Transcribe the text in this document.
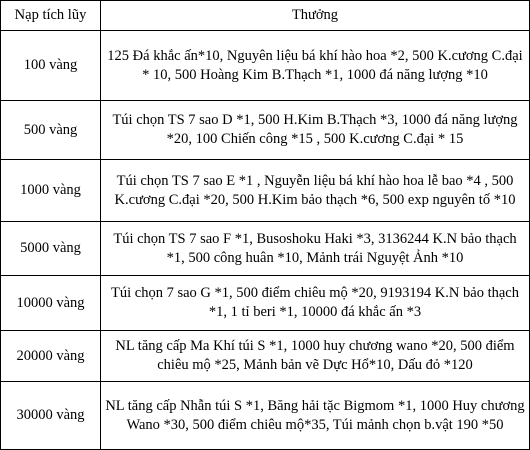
Nạp tích lũy	Thưởng
100 vàng	125 Đá khắc ấn*10, Nguyên liệu bá khí hào hoa *2, 500 K.cương C.đại * 10, 500 Hoàng Kim B.Thạch *1, 1000 đá năng lượng *10
500 vàng	Túi chọn TS 7 sao D *1, 500 H.Kim B.Thạch *3, 1000 đá năng lượng *20, 100 Chiến công *15 , 500 K.cương C.đại * 15
1000 vàng	Túi chọn TS 7 sao E *1 , Nguyễn liệu bá khí hào hoa lễ bao *4 , 500 K.cương C.đại *20, 500 H.Kim bảo thạch *6, 500 exp nguyên tố *10
5000 vàng	Túi chọn TS 7 sao F *1, Busoshoku Haki *3, 3136244 K.N bảo thạch *1, 500 công huân *10, Mảnh trái Nguyệt Ảnh *10
10000 vàng	Túi chọn 7 sao G *1, 500 điểm chiêu mộ *20, 9193194 K.N bảo thạch *1, 1 tỉ beri *1, 10000 đá khắc ấn *3
20000 vàng	NL tăng cấp Ma Khí túi S *1, 1000 huy chương wano *20, 500 điểm chiêu mộ *25, Mảnh bản vẽ Dực Hổ*10, Dấu đỏ *120
30000 vàng	NL tăng cấp Nhẫn túi S *1, Băng hải tặc Bigmom *1, 1000 Huy chương Wano *30, 500 điểm chiêu mộ*35, Túi mảnh chọn b.vật 190 *50
